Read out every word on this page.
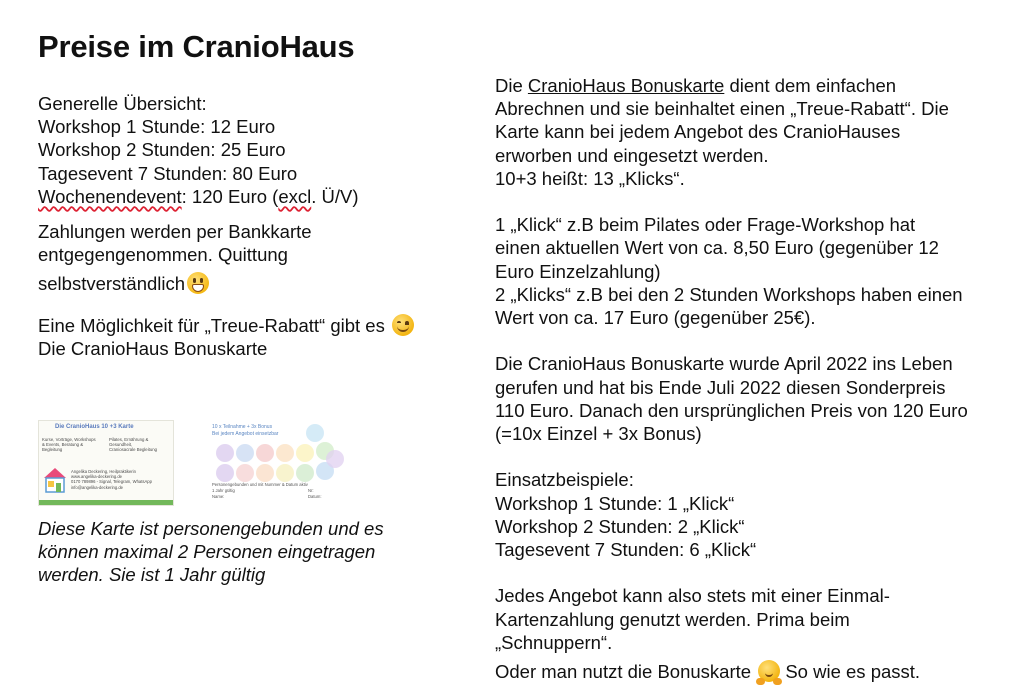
Preise im CranioHaus
Generelle Übersicht:
Workshop 1 Stunde: 12 Euro
Workshop 2 Stunden: 25 Euro
Tagesevent 7 Stunden: 80 Euro
Wochenendevent: 120 Euro (excl. Ü/V)
Zahlungen werden per Bankkarte
entgegengenommen. Quittung
selbstverständlich
Eine Möglichkeit für „Treue-Rabatt“ gibt es
Die CranioHaus Bonuskarte
Die CranioHaus 10 +3 Karte
Kurse, Vorträge, Workshops
& Events, Beratung &
Begleitung
Pilates, Ernährung &
Gesundheit,
Craniosacrale Begleitung
Angelika Deckering, Heilpraktikerin
www.angelika-deckering.de
0170 789896 - Signal, Telegram, WhatsApp
info@angelika-deckering.de
10 x Teilnahme + 3x Bonus
Bei jedem Angebot einsetzbar
Personengebunden und mit Nummer & Datum aktiv
1 Jahr gültig
Name:
Nr:
Datum:
Diese Karte ist personengebunden und es
können maximal 2 Personen eingetragen
werden. Sie ist 1 Jahr gültig
Die CranioHaus Bonuskarte dient dem einfachen
Abrechnen und sie beinhaltet einen „Treue-Rabatt“. Die
Karte kann bei jedem Angebot des CranioHauses
erworben und eingesetzt werden.
10+3 heißt: 13 „Klicks“.
1 „Klick“ z.B beim Pilates oder Frage-Workshop hat
einen aktuellen Wert von ca. 8,50 Euro (gegenüber 12
Euro Einzelzahlung)
2 „Klicks“ z.B bei den 2 Stunden Workshops haben einen
Wert von ca. 17 Euro (gegenüber 25€).
Die CranioHaus Bonuskarte wurde April 2022 ins Leben
gerufen und hat bis Ende Juli 2022 diesen Sonderpreis
110 Euro. Danach den ursprünglichen Preis von 120 Euro
(=10x Einzel + 3x Bonus)
Einsatzbeispiele:
Workshop 1 Stunde: 1 „Klick“
Workshop 2 Stunden: 2 „Klick“
Tagesevent 7 Stunden: 6 „Klick“
Jedes Angebot kann also stets mit einer Einmal-
Kartenzahlung genutzt werden. Prima beim
„Schnuppern“.
Oder man nutzt die Bonuskarte  So wie es passt.
